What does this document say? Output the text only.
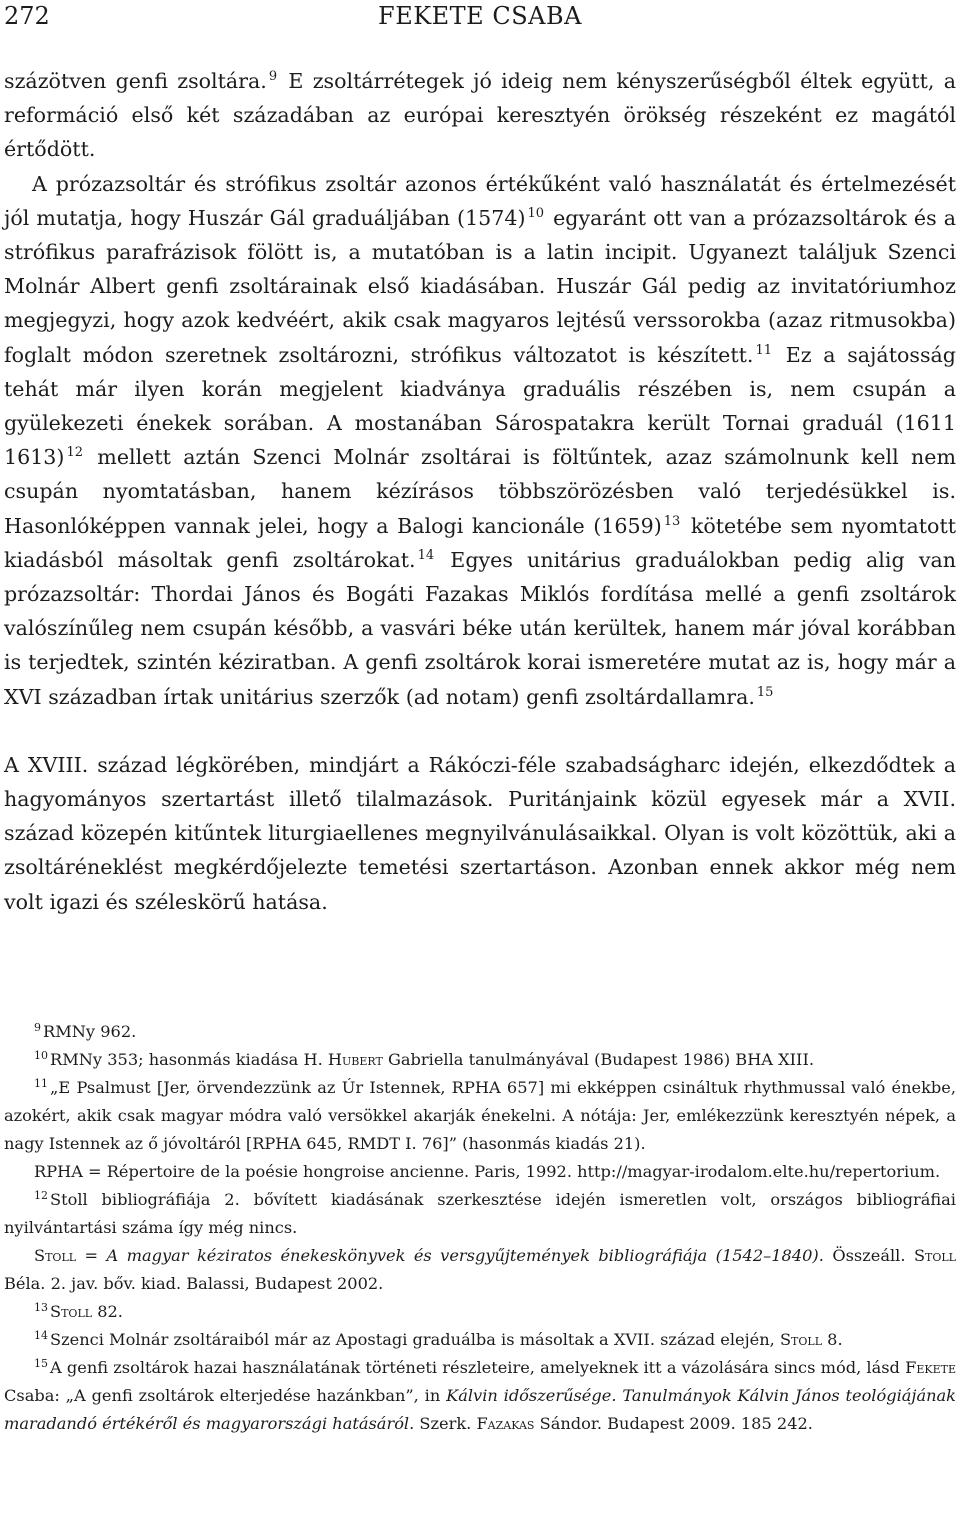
272	FEKETE CSABA

százötven genfi zsoltára. $^9$ E zsoltárrétegek jó ideig nem kényszerűségből éltek együtt, a reformáció első két századában az európai keresztyén örökség részeként ez magától értődött.

A prózazsoltár és strófikus zsoltár azonos értékűként való használatát és értelmezését jól mutatja, hogy Huszár Gál graduáljában (1574) $^{10}$ egyaránt ott van a prózazsoltárok és a strófikus parafrázisok fölött is, a mutatóban is a latin incipit. Ugyanezt találjuk Szenci Molnár Albert genfi zsoltárainak első kiadásában. Huszár Gál pedig az invitatóriumhoz megjegyzi, hogy azok kedvéért, akik csak magyaros lejtésű verssorokba (azaz ritmusokba) foglalt módon szeretnek zsoltározni, strófikus változatot is készített. $^{11}$ Ez a sajátosság tehát már ilyen korán megjelent kiadványa graduális részében is, nem csupán a gyülekezeti énekek sorában. A mostanában Sárospatakra került Tornai graduál (1611 1613) $^{12}$ mellett aztán Szenci Molnár zsoltárai is föltűntek, azaz számolnunk kell nem csupán nyomtatásban, hanem kézírásos többszörözésben való terjedésükkel is. Hasonlóképpen vannak jelei, hogy a Balogi kancionále (1659) $^{13}$ kötetébe sem nyomtatott kiadásból másoltak genfi zsoltárokat. $^{14}$ Egyes unitárius graduálokban pedig alig van prózazsoltár: Thordai János és Bogáti Fazakas Miklós fordítása mellé a genfi zsoltárok valószínűleg nem csupán később, a vasvári béke után kerültek, hanem már jóval korábban is terjedtek, szintén kéziratban. A genfi zsoltárok korai ismeretére mutat az is, hogy már a XVI században írtak unitárius szerzők (ad notam) genfi zsoltárdallamra. $^{15}$

A XVIII. század légkörében, mindjárt a Rákóczi-féle szabadságharc idején, elkezdődtek a hagyományos szertartást illető tilalmazások. Puritánjaink közül egyesek már a XVII. század közepén kitűntek liturgiaellenes megnyilvánulásaikkal. Olyan is volt közöttük, aki a zsoltáréneklést megkérdőjelezte temetési szertartáson. Azonban ennek akkor még nem volt igazi és széleskörű hatása.

$^9$ RMNy 962.

$^{10}$ RMNy 353; hasonmás kiadása H. Hubert Gabriella tanulmányával (Budapest 1986) BHA XIII.

$^{11}$ „E Psalmust [Jer, örvendezzünk az Úr Istennek, RPHA 657] mi ekképpen csináltuk rhythmussal való énekbe, azokért, akik csak magyar módra való versökkel akarják énekelni. A nótája: Jer, emlékezzünk keresztyén népek, a nagy Istennek az ő jóvoltáról [RPHA 645, RMDT I. 76]” (hasonmás kiadás 21).

RPHA = Répertoire de la poésie hongroise ancienne. Paris, 1992. http://magyar-irodalom.elte.hu/repertorium.

$^{12}$ Stoll bibliográfiája 2. bővített kiadásának szerkesztése idején ismeretlen volt, országos bibliográfiai nyilvántartási száma így még nincs.

Stoll = A magyar kéziratos énekeskönyvek és versgyűjtemények bibliográfiája (1542–1840). Összeáll. Stoll Béla. 2. jav. bőv. kiad. Balassi, Budapest 2002.

$^{13}$ Stoll 82.

$^{14}$ Szenci Molnár zsoltáraiból már az Apostagi graduálba is másoltak a XVII. század elején, Stoll 8.

$^{15}$ A genfi zsoltárok hazai használatának történeti részleteire, amelyeknek itt a vázolására sincs mód, lásd Fekete Csaba: „A genfi zsoltárok elterjedése hazánkban”, in Kálvin időszerűsége. Tanulmányok Kálvin János teológiájának maradandó értékéről és magyarországi hatásáról. Szerk. Fazakas Sándor. Budapest 2009. 185 242.
